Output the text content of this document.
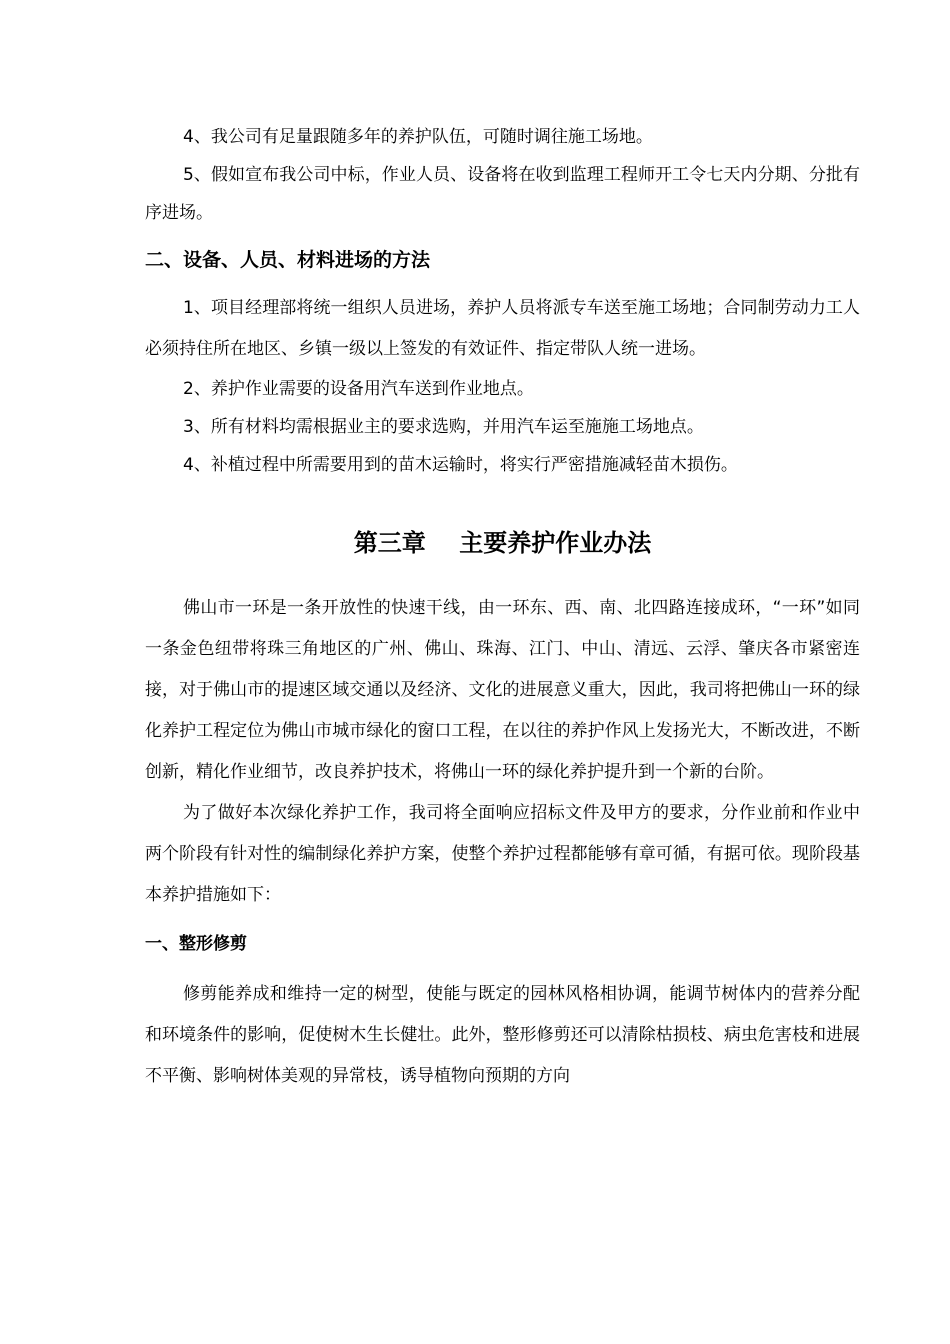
4、我公司有足量跟随多年的养护队伍，可随时调往施工场地。

5、假如宣布我公司中标，作业人员、设备将在收到监理工程师开工令七天内分期、分批有序进场。

二、设备、人员、材料进场的方法

1、项目经理部将统一组织人员进场，养护人员将派专车送至施工场地；合同制劳动力工人必须持住所在地区、乡镇一级以上签发的有效证件、指定带队人统一进场。

2、养护作业需要的设备用汽车送到作业地点。

3、所有材料均需根据业主的要求选购，并用汽车运至施施工场地点。

4、补植过程中所需要用到的苗木运输时，将实行严密措施减轻苗木损伤。

第三章    主要养护作业办法

佛山市一环是一条开放性的快速干线，由一环东、西、南、北四路连接成环，“一环”如同一条金色纽带将珠三角地区的广州、佛山、珠海、江门、中山、清远、云浮、肇庆各市紧密连接，对于佛山市的提速区域交通以及经济、文化的进展意义重大，因此，我司将把佛山一环的绿化养护工程定位为佛山市城市绿化的窗口工程，在以往的养护作风上发扬光大，不断改进，不断创新，精化作业细节，改良养护技术，将佛山一环的绿化养护提升到一个新的台阶。

为了做好本次绿化养护工作，我司将全面响应招标文件及甲方的要求，分作业前和作业中两个阶段有针对性的编制绿化养护方案，使整个养护过程都能够有章可循，有据可依。现阶段基本养护措施如下：

一、整形修剪

修剪能养成和维持一定的树型，使能与既定的园林风格相协调，能调节树体内的营养分配和环境条件的影响，促使树木生长健壮。此外，整形修剪还可以清除枯损枝、病虫危害枝和进展不平衡、影响树体美观的异常枝，诱导植物向预期的方向
